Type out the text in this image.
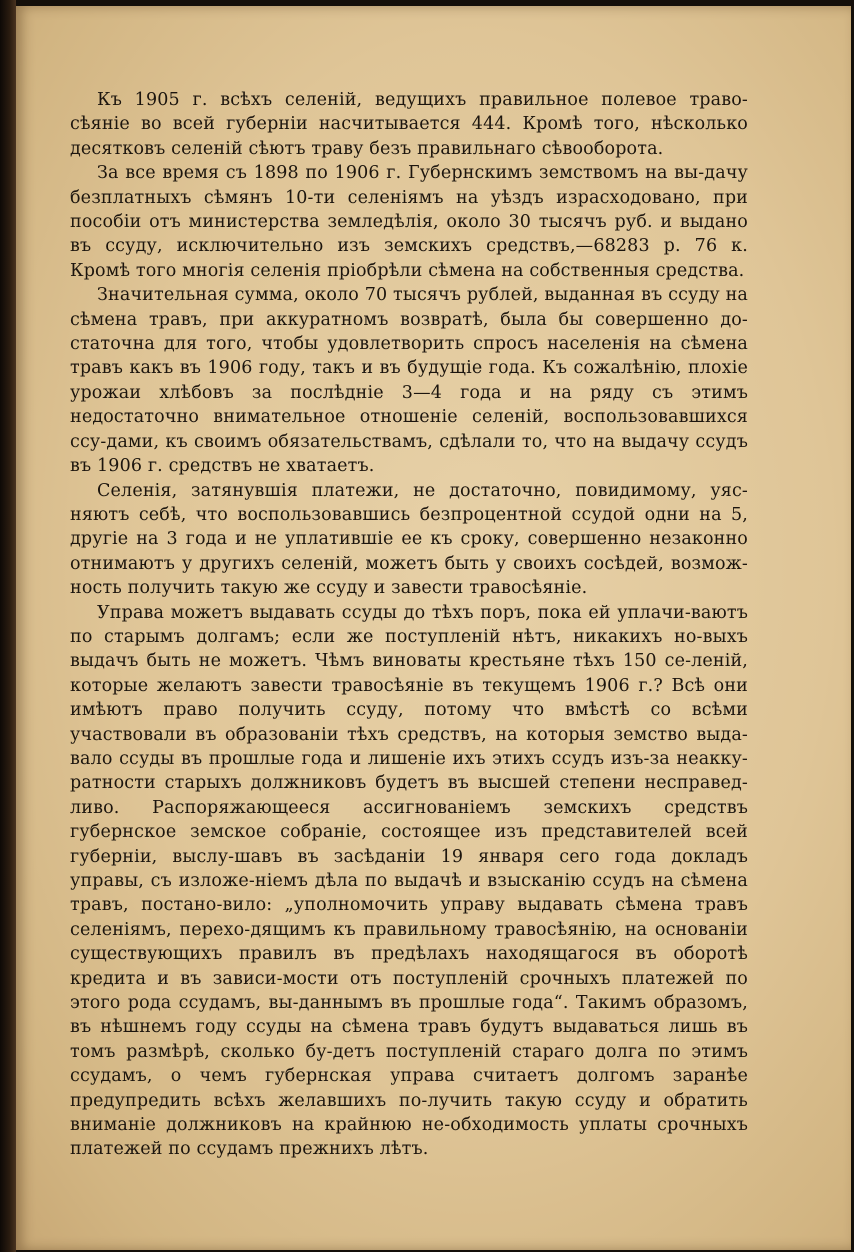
Къ 1905 г. всѣхъ селеній, ведущихъ правильное полевое траво-сѣяніе во всей губерніи насчитывается 444. Кромѣ того, нѣсколько десятковъ селеній сѣютъ траву безъ правильнаго сѣвооборота.

За все время съ 1898 по 1906 г. Губернскимъ земствомъ на вы-дачу безплатныхъ сѣмянъ 10-ти селеніямъ на уѣздъ израсходовано, при пособіи отъ министерства земледѣлія, около 30 тысячъ руб. и выдано въ ссуду, исключительно изъ земскихъ средствъ,—68283 р. 76 к. Кромѣ того многія селенія пріобрѣли сѣмена на собственныя средства.

Значительная сумма, около 70 тысячъ рублей, выданная въ ссуду на сѣмена травъ, при аккуратномъ возвратѣ, была бы совершенно до-статочна для того, чтобы удовлетворить спросъ населенія на сѣмена травъ какъ въ 1906 году, такъ и въ будущіе года. Къ сожалѣнію, плохіе урожаи хлѣбовъ за послѣдніе 3—4 года и на ряду съ этимъ недостаточно внимательное отношеніе селеній, воспользовавшихся ссу-дами, къ своимъ обязательствамъ, сдѣлали то, что на выдачу ссудъ въ 1906 г. средствъ не хватаетъ.

Селенія, затянувшія платежи, не достаточно, повидимому, уяс-няютъ себѣ, что воспользовавшись безпроцентной ссудой одни на 5, другіе на 3 года и не уплатившіе ее къ сроку, совершенно незаконно отнимаютъ у другихъ селеній, можетъ быть у своихъ сосѣдей, возмож-ность получить такую же ссуду и завести травосѣяніе.

Управа можетъ выдавать ссуды до тѣхъ поръ, пока ей уплачи-ваютъ по старымъ долгамъ; если же поступленій нѣтъ, никакихъ но-выхъ выдачъ быть не можетъ. Чѣмъ виноваты крестьяне тѣхъ 150 се-леній, которые желаютъ завести травосѣяніе въ текущемъ 1906 г.? Всѣ они имѣютъ право получить ссуду, потому что вмѣстѣ со всѣми участвовали въ образованіи тѣхъ средствъ, на которыя земство выда-вало ссуды въ прошлые года и лишеніе ихъ этихъ ссудъ изъ-за неакку-ратности старыхъ должниковъ будетъ въ высшей степени несправед-ливо. Распоряжающееся ассигнованіемъ земскихъ средствъ губернское земское собраніе, состоящее изъ представителей всей губерніи, выслу-шавъ въ засѣданіи 19 января сего года докладъ управы, съ изложе-ніемъ дѣла по выдачѣ и взысканію ссудъ на сѣмена травъ, постано-вило: „уполномочить управу выдавать сѣмена травъ селеніямъ, перехо-дящимъ къ правильному травосѣянію, на основаніи существующихъ правилъ въ предѣлахъ находящагося въ оборотѣ кредита и въ зависи-мости отъ поступленій срочныхъ платежей по этого рода ссудамъ, вы-даннымъ въ прошлые года“. Такимъ образомъ, въ нѣшнемъ году ссуды на сѣмена травъ будутъ выдаваться лишь въ томъ размѣрѣ, сколько бу-детъ поступленій стараго долга по этимъ ссудамъ, о чемъ губернская управа считаетъ долгомъ заранѣе предупредить всѣхъ желавшихъ по-лучить такую ссуду и обратить вниманіе должниковъ на крайнюю не-обходимость уплаты срочныхъ платежей по ссудамъ прежнихъ лѣтъ.
